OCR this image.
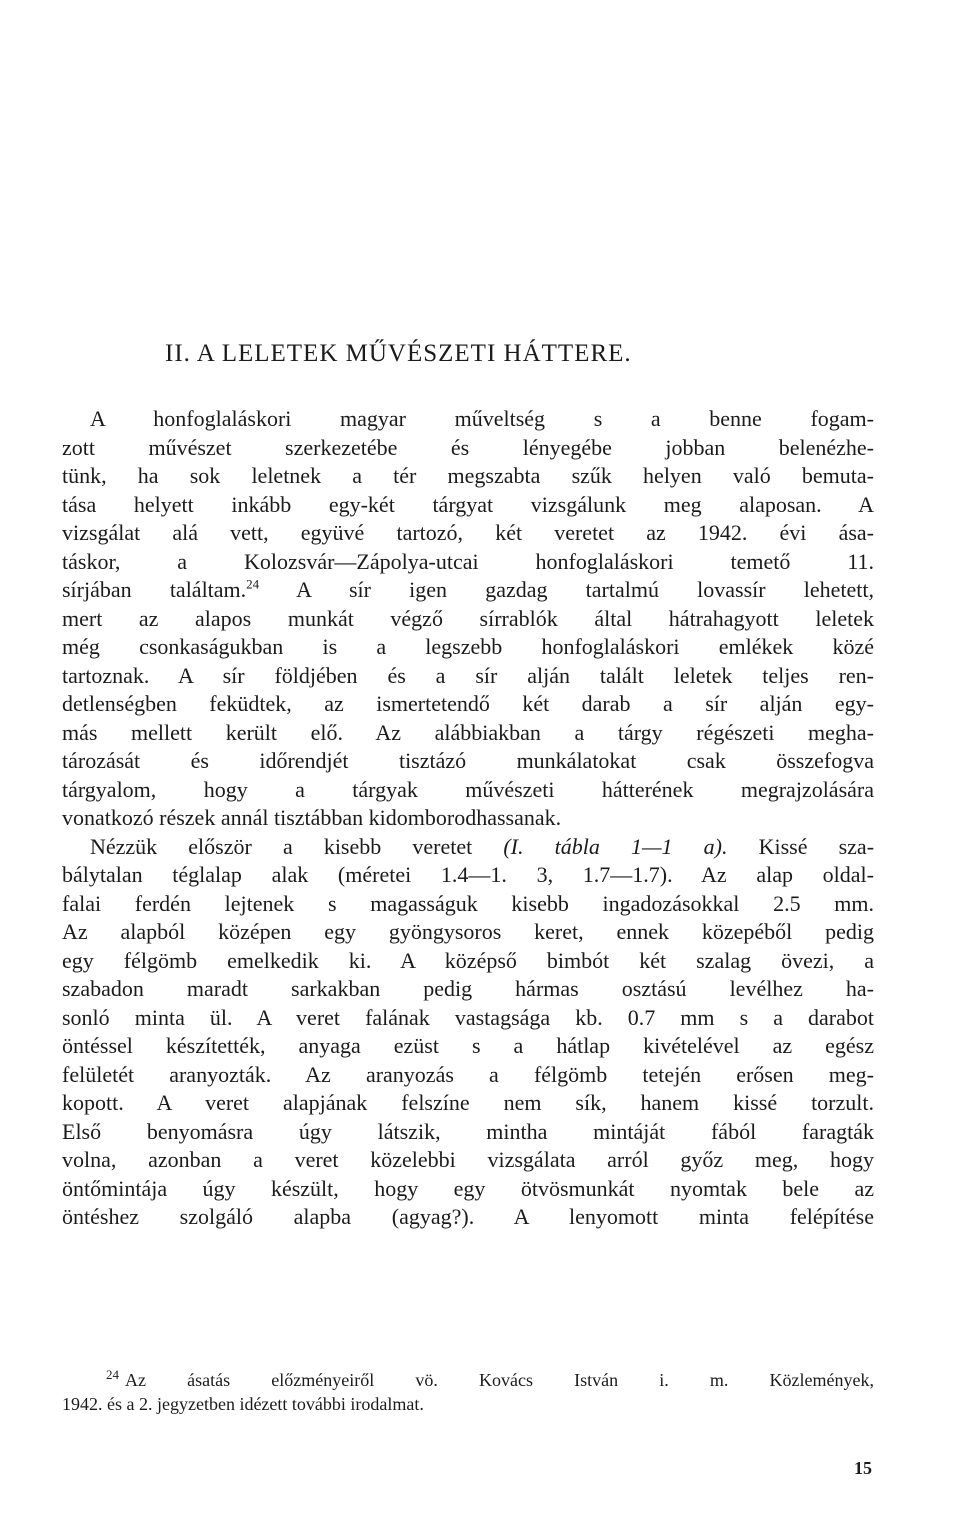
II. A LELETEK MŰVÉSZETI HÁTTERE.
A honfoglaláskori magyar műveltség s a benne fogam-
zott művészet szerkezetébe és lényegébe jobban belenézhe-
tünk, ha sok leletnek a tér megszabta szűk helyen való bemuta-
tása helyett inkább egy-két tárgyat vizsgálunk meg alaposan. A
vizsgálat alá vett, együvé tartozó, két veretet az 1942. évi ása-
táskor, a Kolozsvár—Zápolya-utcai honfoglaláskori temető 11.
sírjában találtam.$^{24}$ A sír igen gazdag tartalmú lovassír lehetett,
mert az alapos munkát végző sírrablók által hátrahagyott leletek
még csonkaságukban is a legszebb honfoglaláskori emlékek közé
tartoznak. A sír földjében és a sír alján talált leletek teljes ren-
detlenségben feküdtek, az ismertetendő két darab a sír alján egy-
más mellett került elő. Az alábbiakban a tárgy régészeti megha-
tározását és időrendjét tisztázó munkálatokat csak összefogva
tárgyalom, hogy a tárgyak művészeti hátterének megrajzolására
vonatkozó részek annál tisztábban kidomborodhassanak.
Nézzük először a kisebb veretet (I. tábla 1—1 a). Kissé sza-
bálytalan téglalap alak (méretei 1.4—1. 3, 1.7—1.7). Az alap oldal-
falai ferdén lejtenek s magasságuk kisebb ingadozásokkal 2.5 mm.
Az alapból középen egy gyöngysoros keret, ennek közepéből pedig
egy félgömb emelkedik ki. A középső bimbót két szalag övezi, a
szabadon maradt sarkakban pedig hármas osztású levélhez ha-
sonló minta ül. A veret falának vastagsága kb. 0.7 mm s a darabot
öntéssel készítették, anyaga ezüst s a hátlap kivételével az egész
felületét aranyozták. Az aranyozás a félgömb tetején erősen meg-
kopott. A veret alapjának felszíne nem sík, hanem kissé torzult.
Első benyomásra úgy látszik, mintha mintáját fából faragták
volna, azonban a veret közelebbi vizsgálata arról győz meg, hogy
öntőmintája úgy készült, hogy egy ötvösmunkát nyomtak bele az
öntéshez szolgáló alapba (agyag?). A lenyomott minta felépítése
$^{24}$ Az ásatás előzményeiről vö. Kovács István i. m. Közlemények,
1942. és a 2. jegyzetben idézett további irodalmat.
15
